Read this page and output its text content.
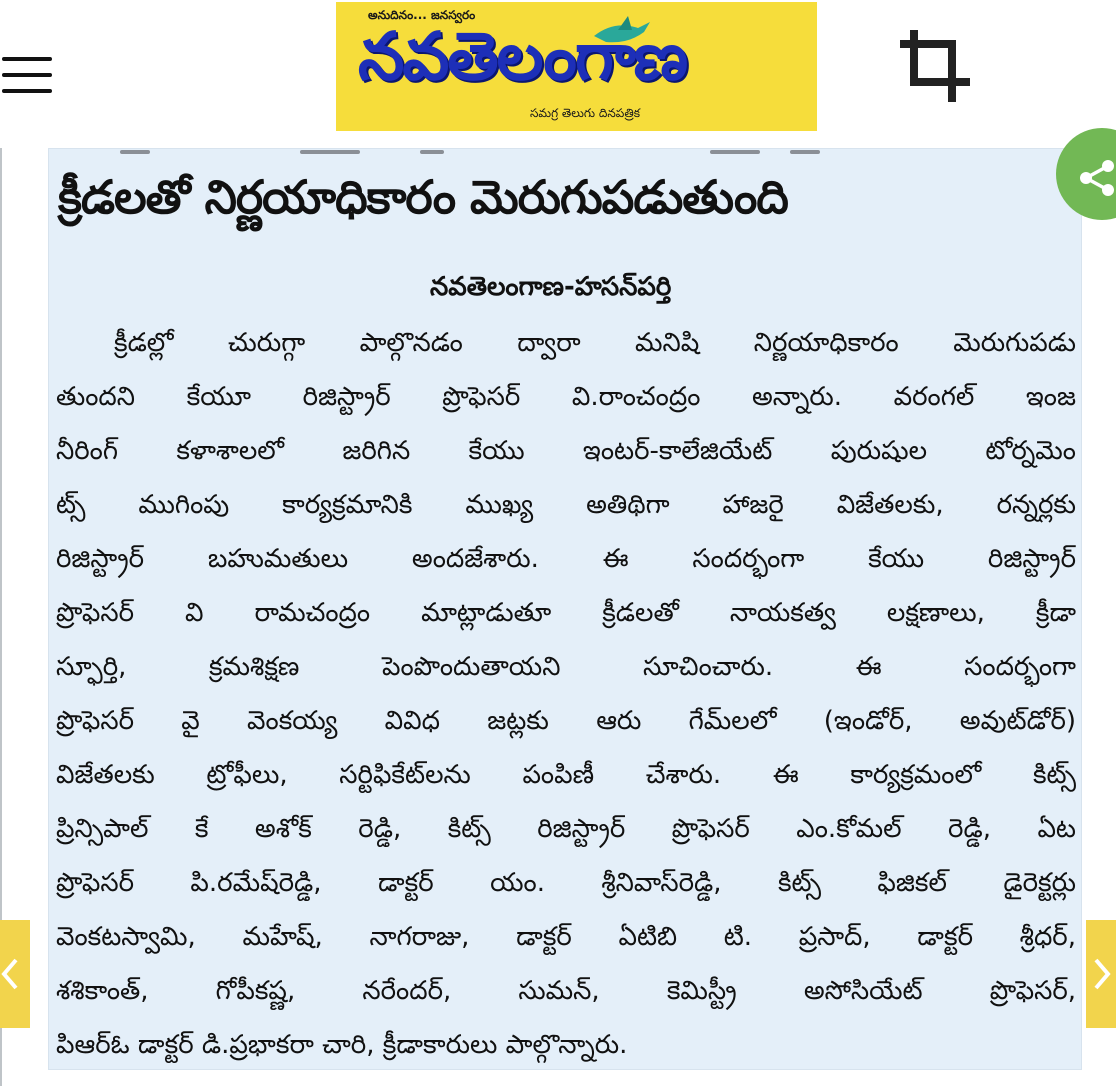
అనుదినం... జనస్వరం
నవతెలంగాణ
సమగ్ర తెలుగు దినపత్రిక
క్రీడలతో నిర్ణయాధికారం మెరుగుపడుతుంది
నవతెలంగాణ-హసన్‌పర్తి
క్రీడల్లో చురుగ్గా పాల్గొనడం ద్వారా మనిషి నిర్ణయాధికారం మెరుగుపడు
తుందని కేయూ రిజిస్ట్రార్ ప్రొఫెసర్ వి.రాంచంద్రం అన్నారు. వరంగల్ ఇంజ
నీరింగ్ కళాశాలలో జరిగిన కేయు ఇంటర్-కాలేజియేట్ పురుషుల టోర్నమెం
ట్స్ ముగింపు కార్యక్రమానికి ముఖ్య అతిథిగా హాజరై విజేతలకు, రన్నర్లకు
రిజిస్ట్రార్ బహుమతులు అందజేశారు. ఈ సందర్భంగా కేయు రిజిస్ట్రార్
ప్రొఫెసర్ వి రామచంద్రం మాట్లాడుతూ క్రీడలతో నాయకత్వ లక్షణాలు, క్రీడా
స్ఫూర్తి, క్రమశిక్షణ పెంపొందుతాయని సూచించారు. ఈ సందర్భంగా
ప్రొఫెసర్ వై వెంకయ్య వివిధ జట్లకు ఆరు గేమ్‌లలో (ఇండోర్, అవుట్‌డోర్)
విజేతలకు ట్రోఫీలు, సర్టిఫికేట్‌లను పంపిణీ చేశారు. ఈ కార్యక్రమంలో కిట్స్
ప్రిన్సిపాల్ కే అశోక్ రెడ్డి, కిట్స్ రిజిస్ట్రార్ ప్రొఫెసర్ ఎం.కోమల్ రెడ్డి, ఏట
ప్రొఫెసర్ పి.రమేష్‌రెడ్డి, డాక్టర్ యం. శ్రీనివాస్‌రెడ్డి, కిట్స్ ఫిజికల్ డైరెక్టర్లు
వెంకటస్వామి, మహేష్, నాగరాజు, డాక్టర్ ఏటిబి టి. ప్రసాద్, డాక్టర్ శ్రీధర్,
శశికాంత్, గోపీకష్ణ, నరేందర్, సుమన్, కెమిస్ట్రీ అసోసియేట్ ప్రొఫెసర్,
పిఆర్‌ఓ డాక్టర్ డి.ప్రభాకరా చారి, క్రీడాకారులు పాల్గొన్నారు.
